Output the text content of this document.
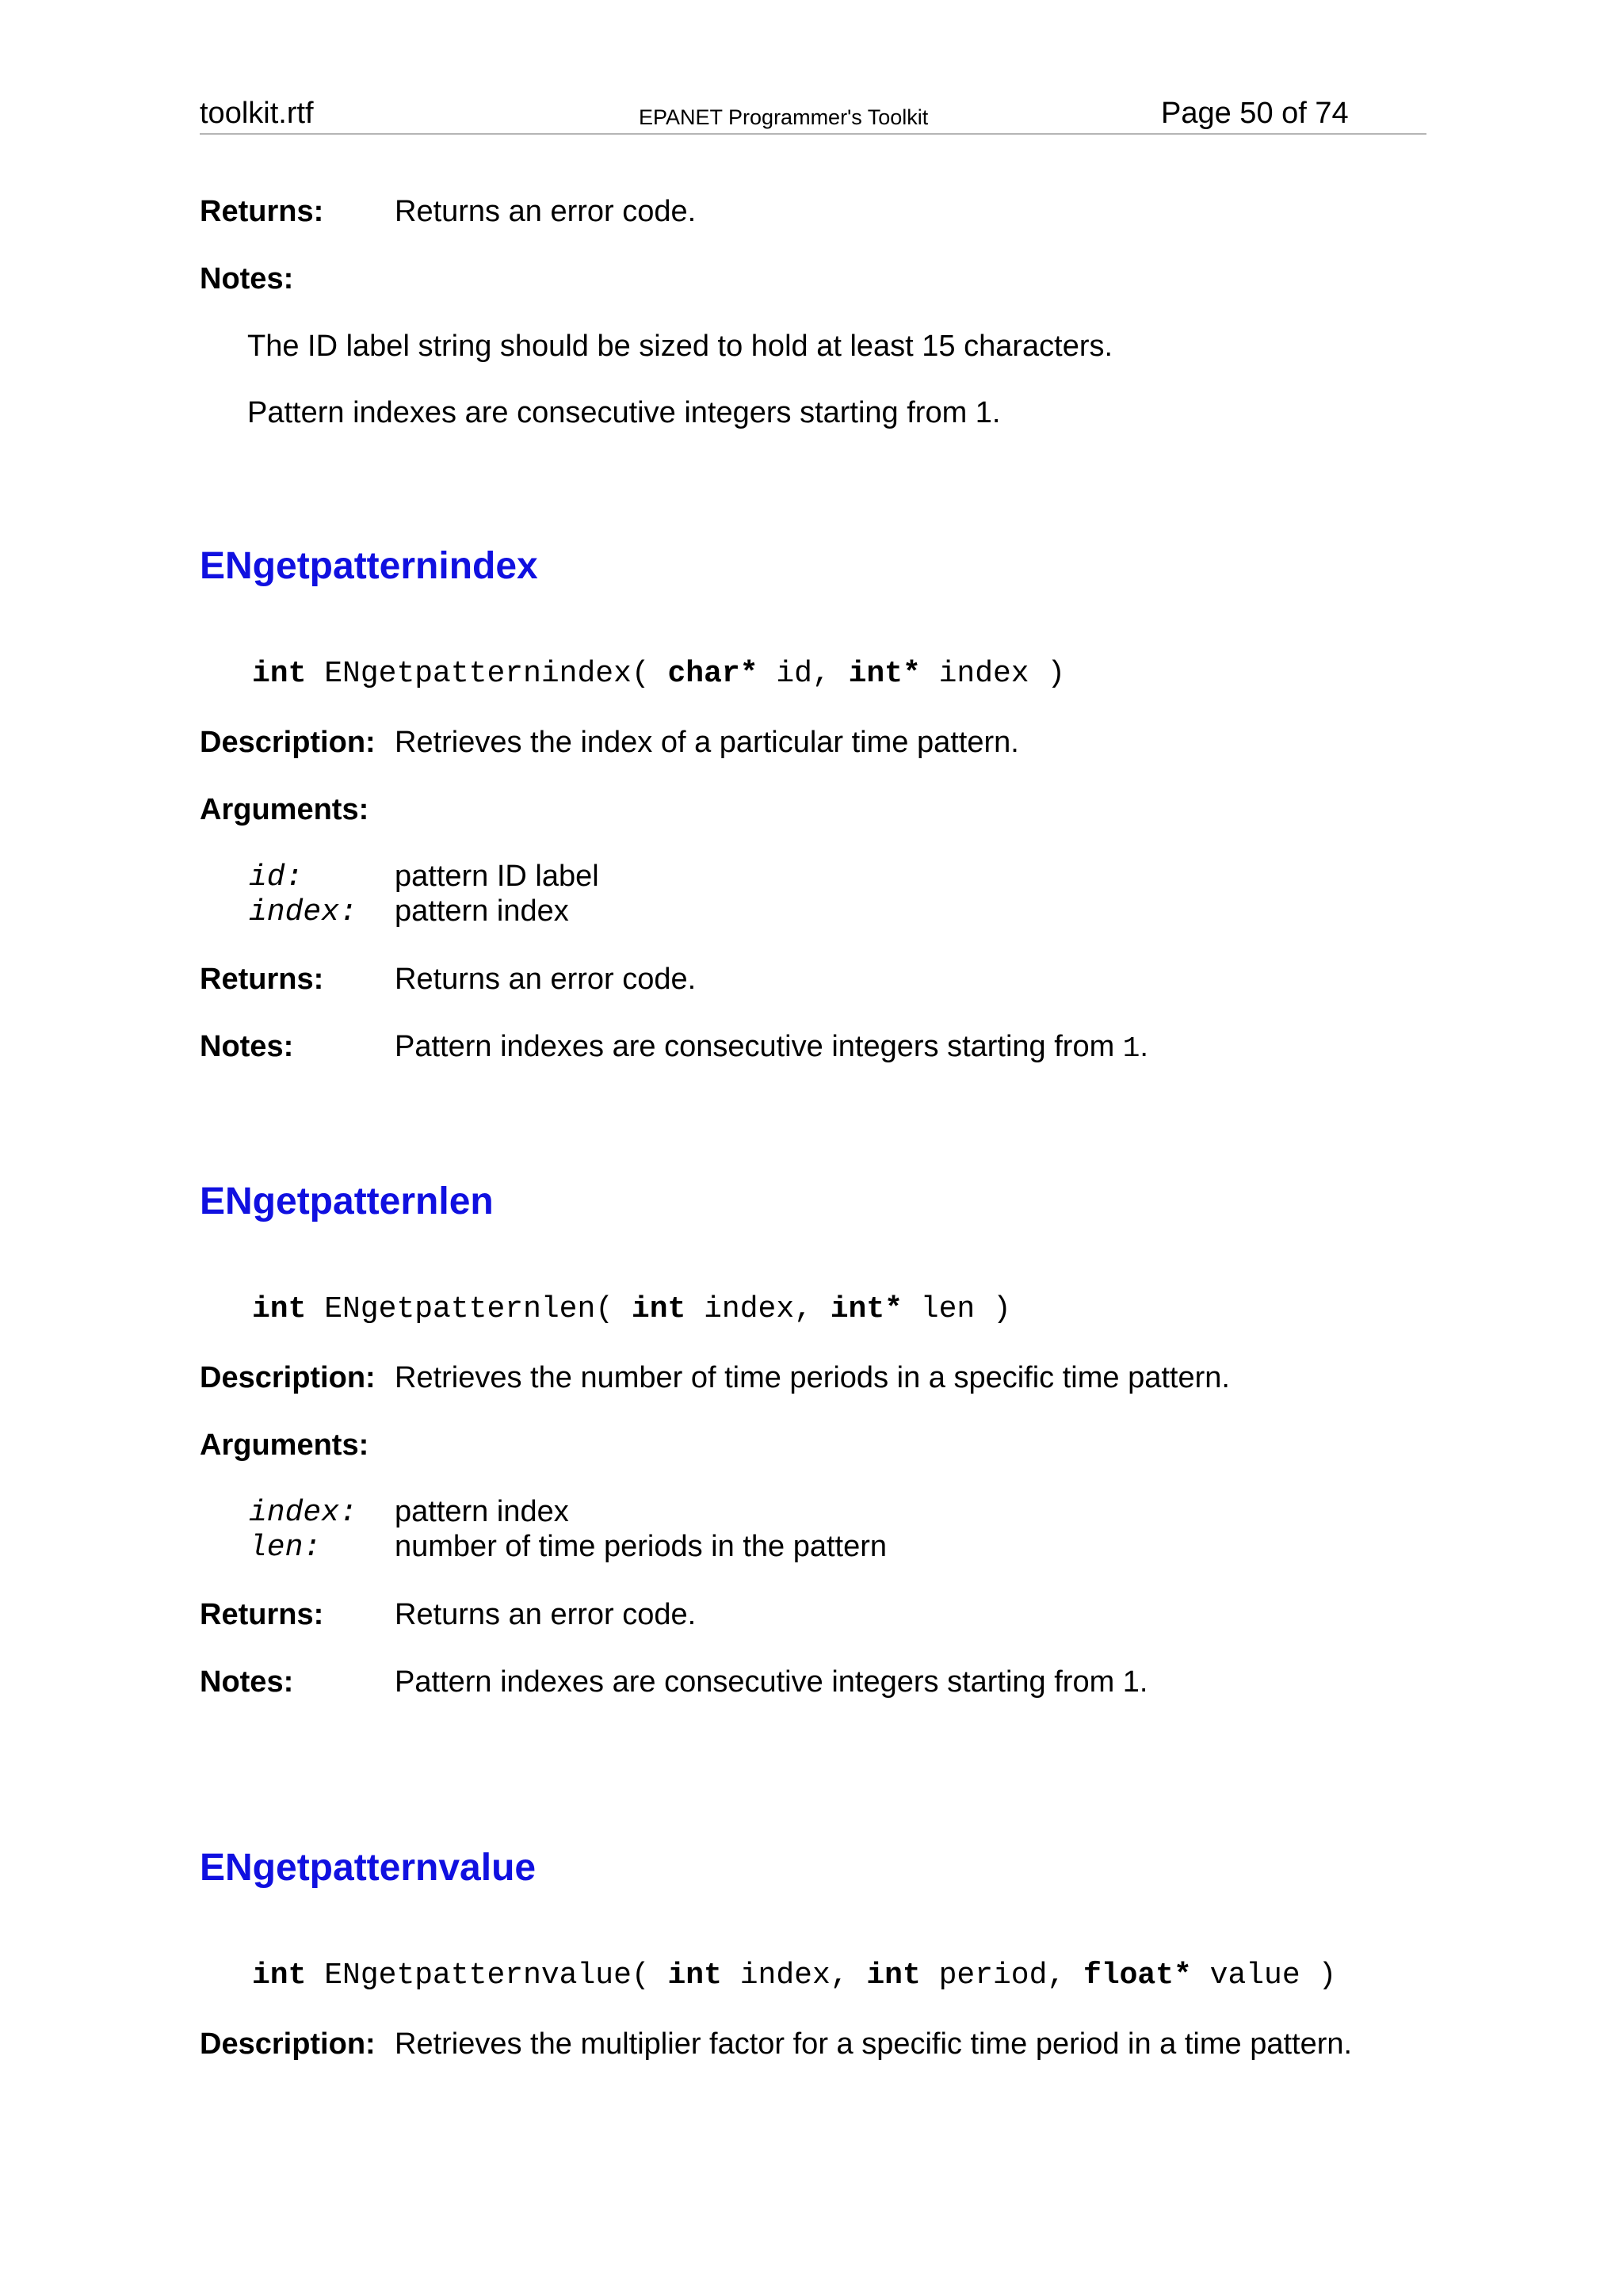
toolkit.rtf	EPANET Programmer's Toolkit	Page 50 of 74
Returns: Returns an error code.
Notes:
The ID label string should be sized to hold at least 15 characters.
Pattern indexes are consecutive integers starting from 1.
ENgetpatternindex
int ENgetpatternindex( char* id, int* index )
Description: Retrieves the index of a particular time pattern.
Arguments:
id:	pattern ID label
index: pattern index
Returns: Returns an error code.
Notes:	Pattern indexes are consecutive integers starting from 1.
ENgetpatternlen
int ENgetpatternlen( int index, int* len )
Description: Retrieves the number of time periods in a specific time pattern.
Arguments:
index: pattern index
len: number of time periods in the pattern
Returns: Returns an error code.
Notes:	Pattern indexes are consecutive integers starting from 1.
ENgetpatternvalue
int ENgetpatternvalue( int index, int period, float* value )
Description: Retrieves the multiplier factor for a specific time period in a time pattern.
